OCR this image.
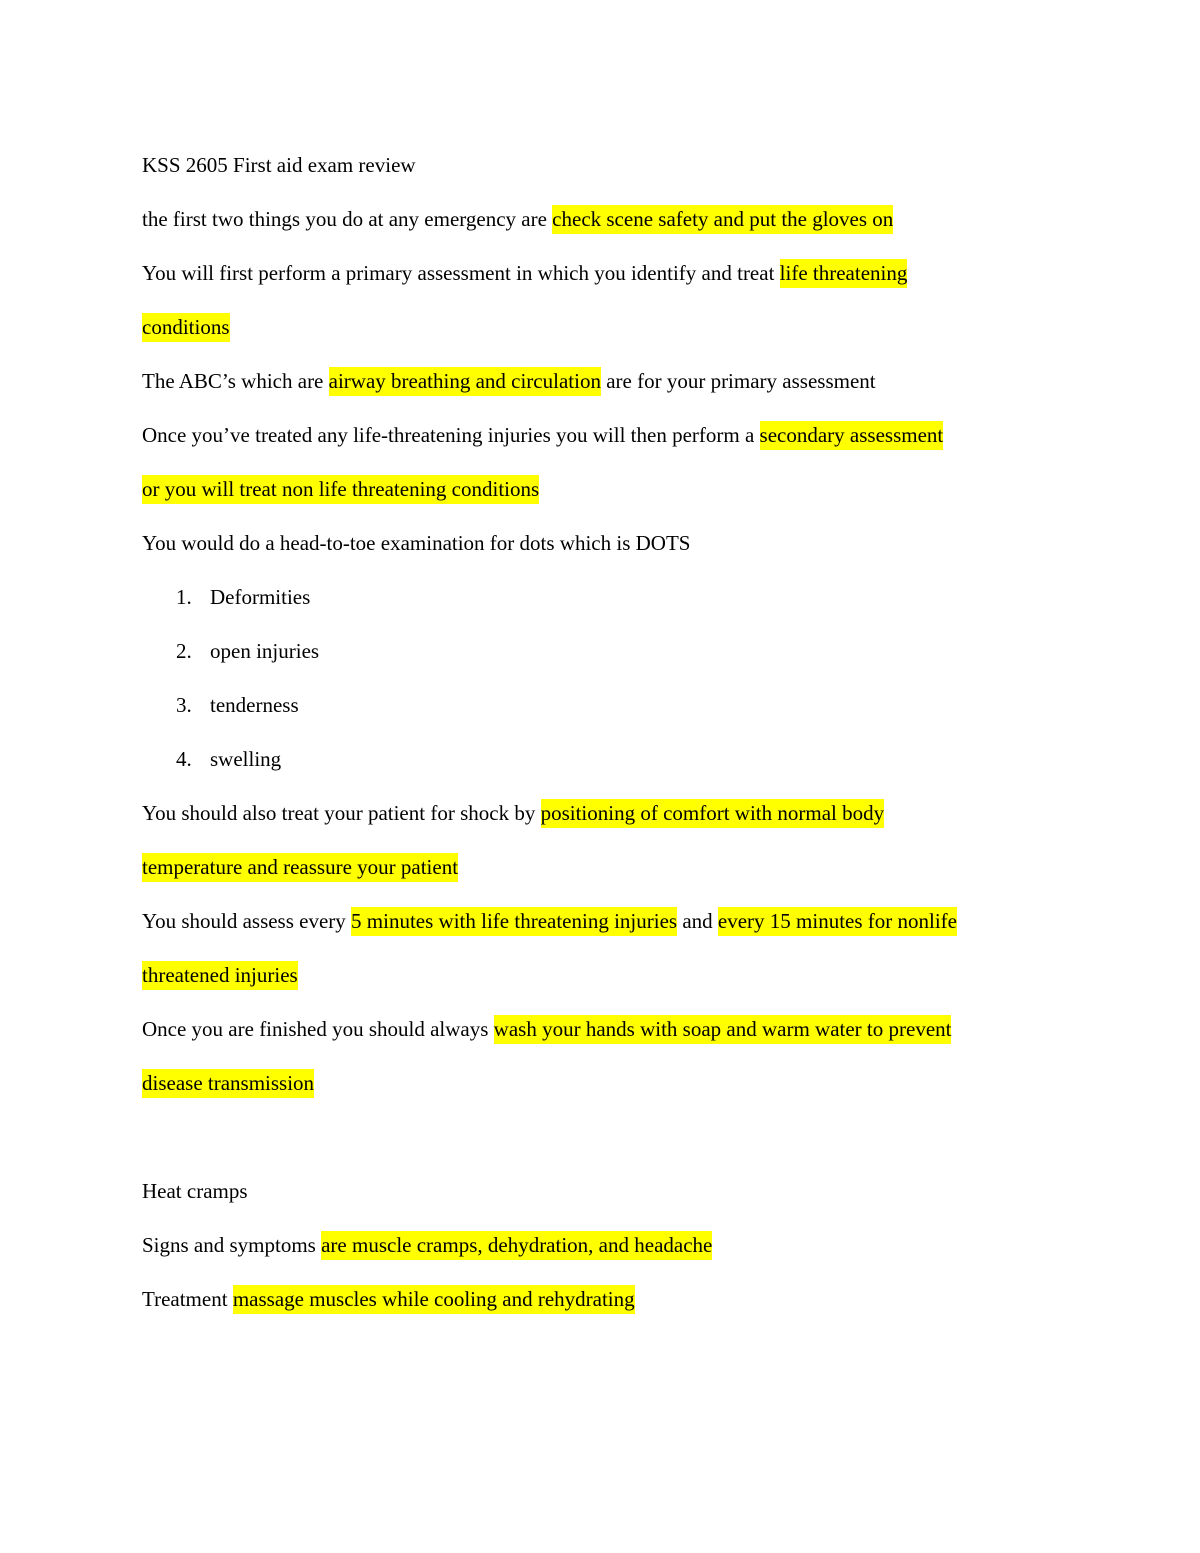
KSS 2605 First aid exam review
the first two things you do at any emergency are check scene safety and put the gloves on
You will first perform a primary assessment in which you identify and treat life threatening
conditions
The ABC’s which are airway breathing and circulation are for your primary assessment
Once you’ve treated any life-threatening injuries you will then perform a secondary assessment
or you will treat non life threatening conditions
You would do a head-to-toe examination for dots which is DOTS
1. Deformities
2. open injuries
3. tenderness
4. swelling
You should also treat your patient for shock by positioning of comfort with normal body
temperature and reassure your patient
You should assess every 5 minutes with life threatening injuries and every 15 minutes for nonlife
threatened injuries
Once you are finished you should always wash your hands with soap and warm water to prevent
disease transmission
Heat cramps
Signs and symptoms are muscle cramps, dehydration, and headache
Treatment massage muscles while cooling and rehydrating
